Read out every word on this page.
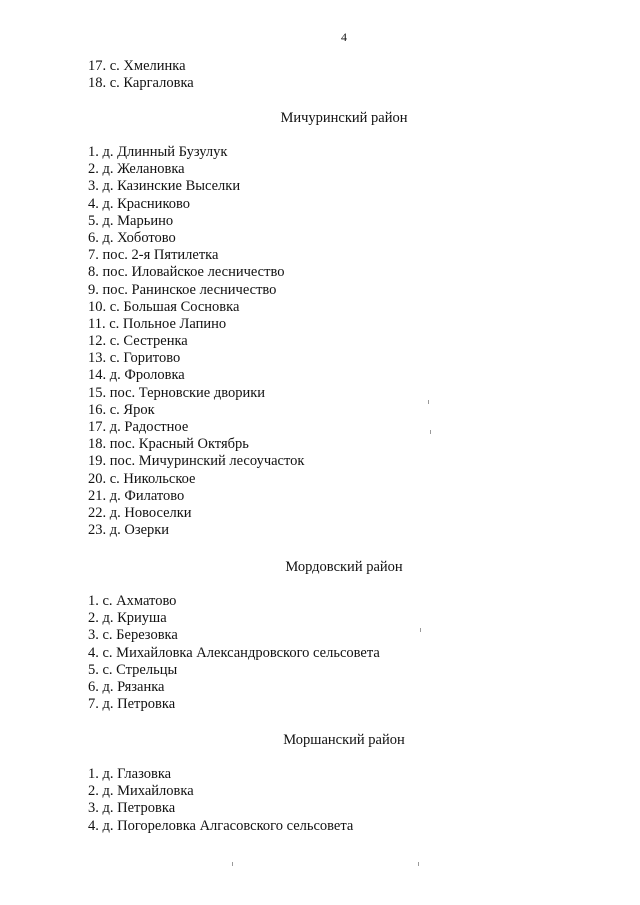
4
17. с. Хмелинка
18. с. Каргаловка
Мичуринский район
1. д. Длинный Бузулук
2. д. Желановка
3. д. Казинские Выселки
4. д. Красниково
5. д. Марьино
6. д. Хоботово
7. пос. 2-я Пятилетка
8. пос. Иловайское лесничество
9. пос. Ранинское лесничество
10. с. Большая Сосновка
11. с. Польное Лапино
12. с. Сестренка
13. с. Горитово
14. д. Фроловка
15. пос. Терновские дворики
16. с. Ярок
17. д. Радостное
18. пос. Красный Октябрь
19. пос. Мичуринский лесоучасток
20. с. Никольское
21. д. Филатово
22. д. Новоселки
23. д. Озерки
Мордовский район
1. с. Ахматово
2. д. Криуша
3. с. Березовка
4. с. Михайловка Александровского сельсовета
5. с. Стрельцы
6. д. Рязанка
7. д. Петровка
Моршанский район
1. д. Глазовка
2. д. Михайловка
3. д. Петровка
4. д. Погореловка Алгасовского сельсовета
